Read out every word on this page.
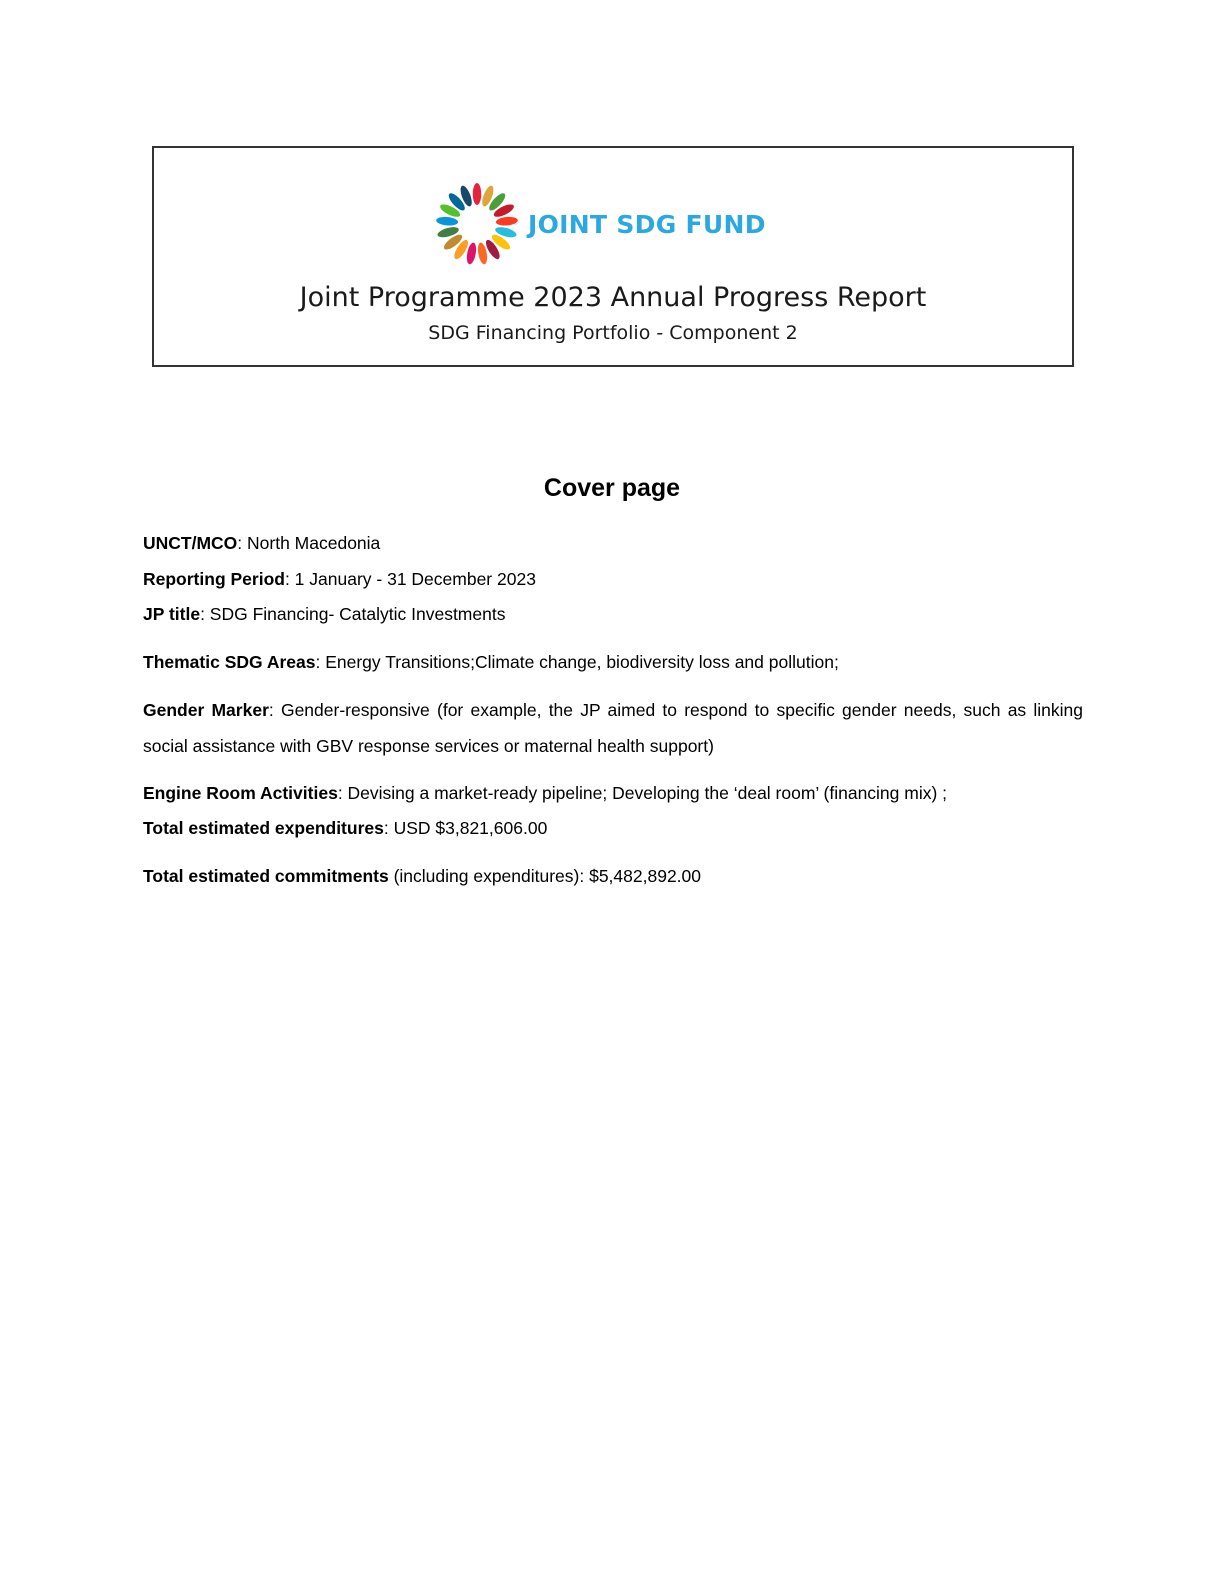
JOINT SDG FUND
Joint Programme 2023 Annual Progress Report
SDG Financing Portfolio - Component 2
Cover page

UNCT/MCO: North Macedonia

Reporting Period: 1 January - 31 December 2023

JP title: SDG Financing- Catalytic Investments

Thematic SDG Areas: Energy Transitions;Climate change, biodiversity loss and pollution;

Gender Marker: Gender-responsive (for example, the JP aimed to respond to specific gender needs, such as linking social assistance with GBV response services or maternal health support)

Engine Room Activities: Devising a market-ready pipeline; Developing the ‘deal room’ (financing mix) ;

Total estimated expenditures: USD $3,821,606.00

Total estimated commitments (including expenditures): $5,482,892.00
